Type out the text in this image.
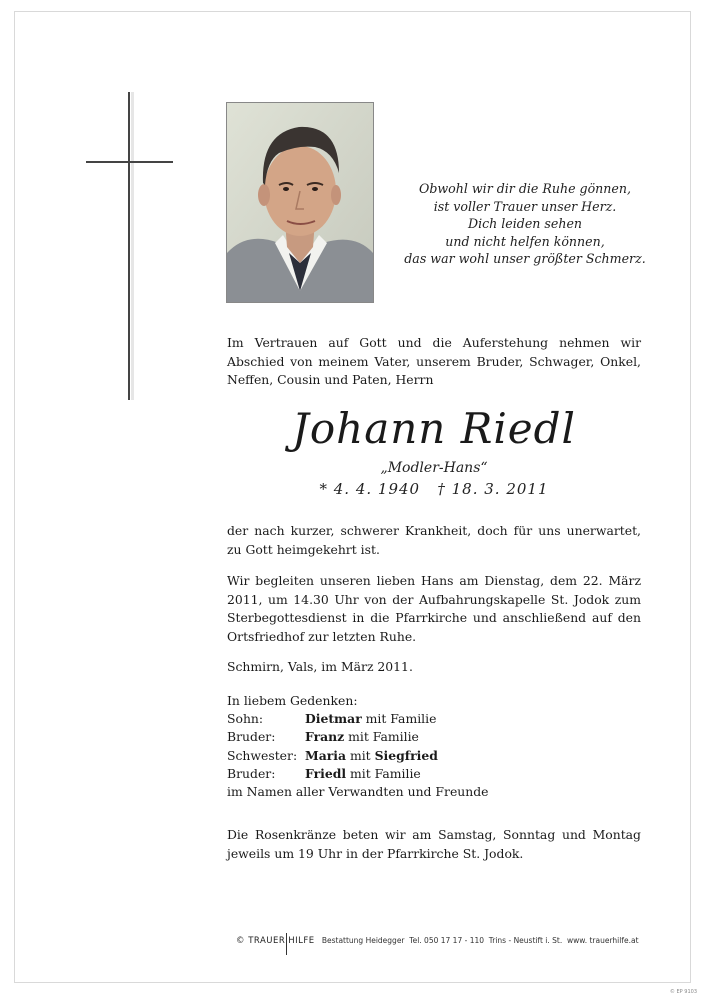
Obwohl wir dir die Ruhe gönnen,
ist voller Trauer unser Herz.
Dich leiden sehen
und nicht helfen können,
das war wohl unser größter Schmerz.
Im Vertrauen auf Gott und die Auferstehung nehmen wir Abschied von meinem Vater, unserem Bruder, Schwager, Onkel, Neffen, Cousin und Paten, Herrn
Johann Riedl
„Modler-Hans“
* 4. 4. 1940   † 18. 3. 2011
der nach kurzer, schwerer Krankheit, doch für uns unerwartet, zu Gott heimgekehrt ist.
Wir begleiten unseren lieben Hans am Dienstag, dem 22. März 2011, um 14.30 Uhr von der Aufbahrungskapelle St. Jodok zum Sterbegottesdienst in die Pfarrkirche und anschließend auf den Ortsfriedhof zur letzten Ruhe.
Schmirn, Vals, im März 2011.
In liebem Gedenken:
Sohn:	Dietmar mit Familie
Bruder:	Franz mit Familie
Schwester: Maria mit Siegfried
Bruder:	Friedl mit Familie
im Namen aller Verwandten und Freunde
Die Rosenkränze beten wir am Samstag, Sonntag und Montag jeweils um 19 Uhr in der Pfarrkirche St. Jodok.
© TRAUER HILFE Bestattung Heidegger  Tel. 050 17 17 - 110  Trins - Neustift i. St.  www. trauerhilfe.at
© EP 9103
